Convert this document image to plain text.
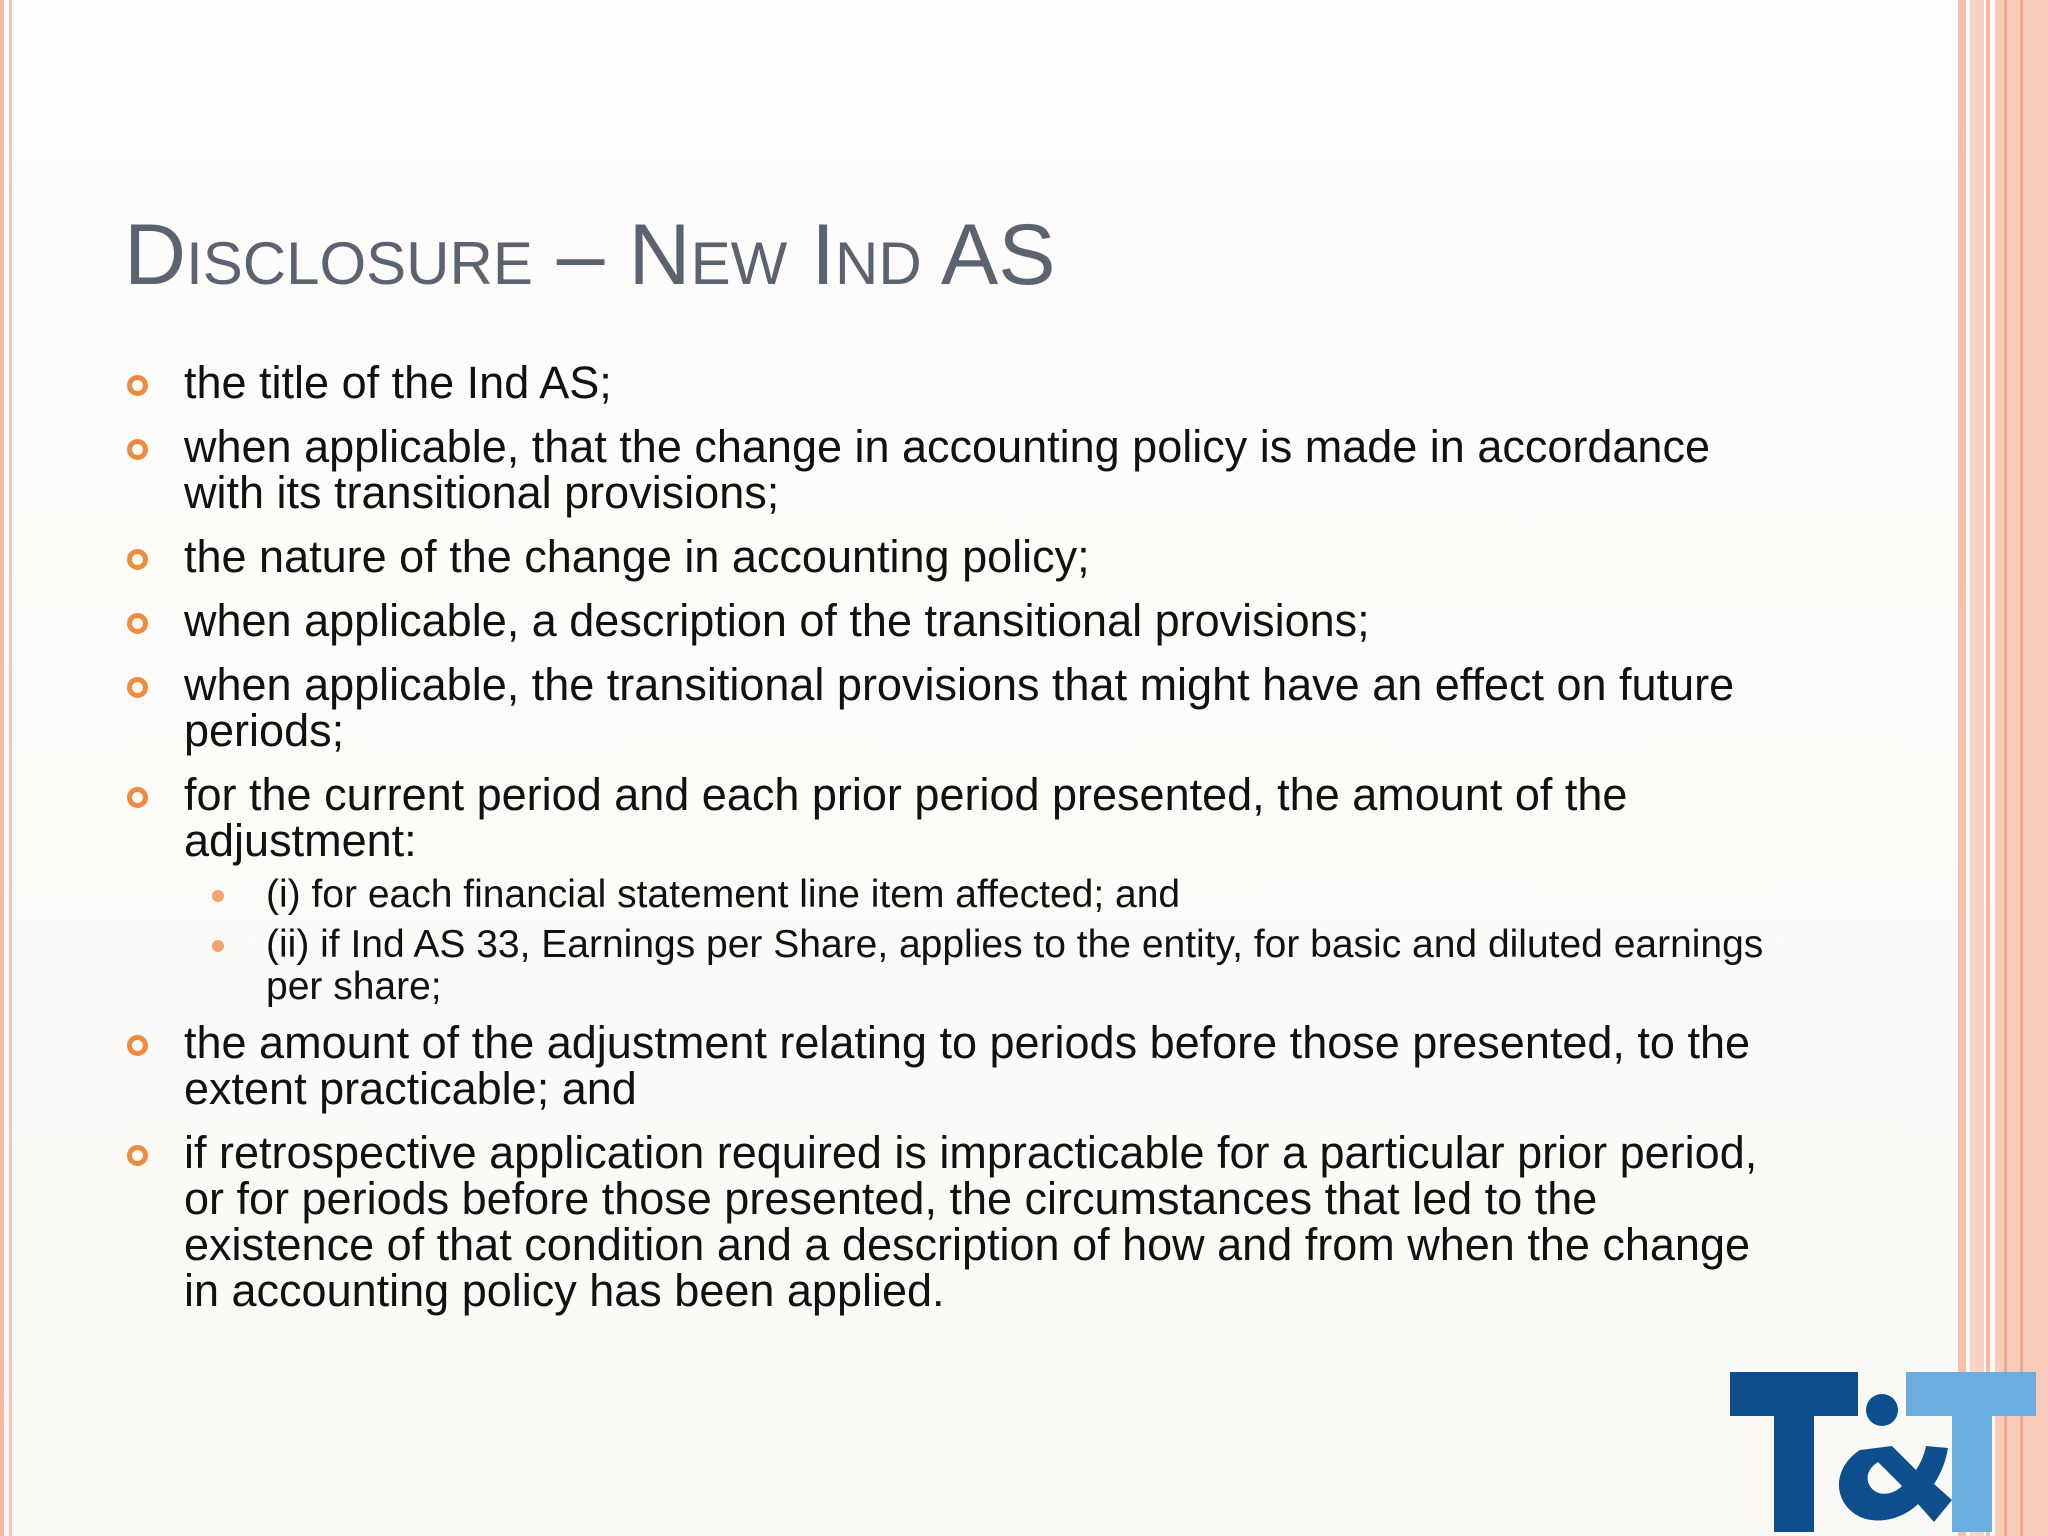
Disclosure – New Ind AS
the title of the Ind AS;
when applicable, that the change in accounting policy is made in accordance with its transitional provisions;
the nature of the change in accounting policy;
when applicable, a description of the transitional provisions;
when applicable, the transitional provisions that might have an effect on future periods;
for the current period and each prior period presented, the amount of the adjustment:
(i) for each financial statement line item affected; and
(ii) if Ind AS 33, Earnings per Share, applies to the entity, for basic and diluted earnings per share;
the amount of the adjustment relating to periods before those presented, to the extent practicable; and
if retrospective application required is impracticable for a particular prior period, or for periods before those presented, the circumstances that led to the existence of that condition and a description of how and from when the change in accounting policy has been applied.
